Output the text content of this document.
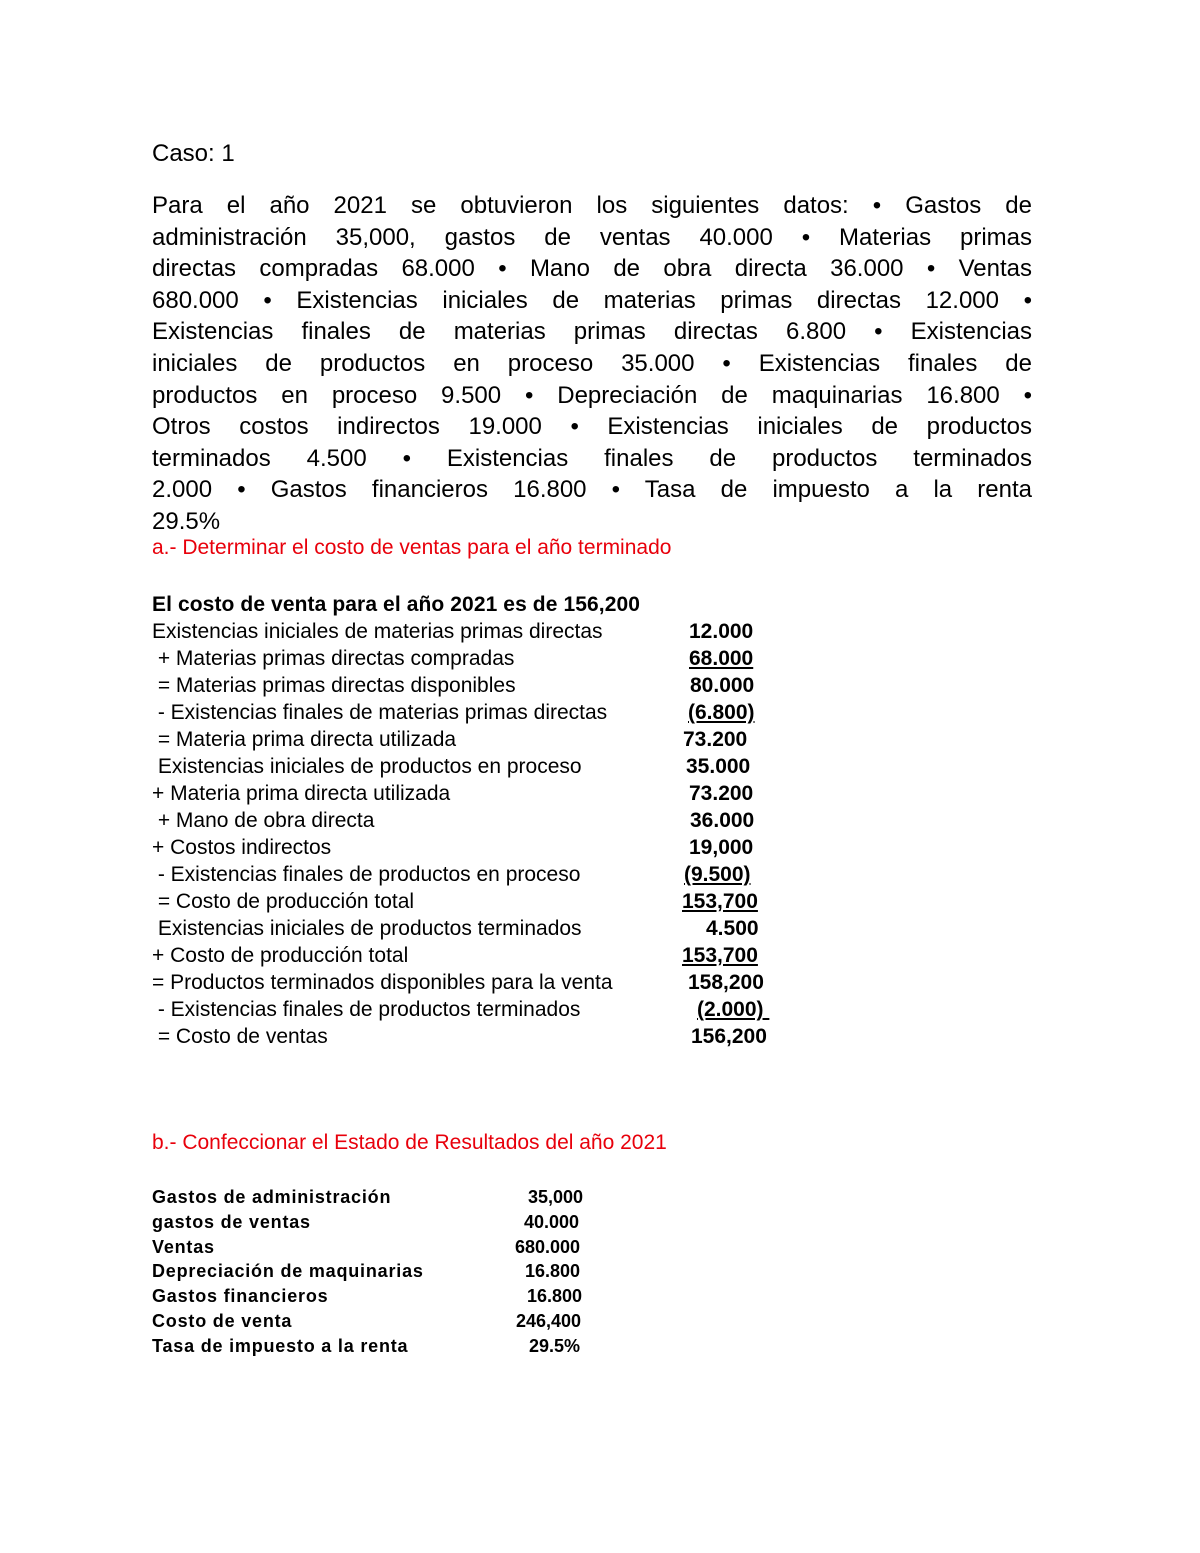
Caso: 1

Para el año 2021 se obtuvieron los siguientes datos: • Gastos de
administración 35,000, gastos de ventas 40.000 • Materias primas
directas compradas 68.000 • Mano de obra directa 36.000 • Ventas
680.000 • Existencias iniciales de materias primas directas 12.000 •
Existencias finales de materias primas directas 6.800 • Existencias
iniciales de productos en proceso 35.000 • Existencias finales de
productos en proceso 9.500 • Depreciación de maquinarias 16.800 •
Otros costos indirectos 19.000 • Existencias iniciales de productos
terminados 4.500 • Existencias finales de productos terminados
2.000 • Gastos financieros 16.800 • Tasa de impuesto a la renta
29.5%

a.- Determinar el costo de ventas para el año terminado
El costo de venta para el año 2021 es de 156,200
Existencias iniciales de materias primas directas	12.000
+ Materias primas directas compradas	68.000
= Materias primas directas disponibles	80.000
- Existencias finales de materias primas directas	(6.800)
= Materia prima directa utilizada	73.200
Existencias iniciales de productos en proceso	35.000
+ Materia prima directa utilizada	73.200
+ Mano de obra directa	36.000
+ Costos indirectos	19,000
- Existencias finales de productos en proceso	(9.500)
= Costo de producción total	153,700
Existencias iniciales de productos terminados	4.500
+ Costo de producción total	153,700
= Productos terminados disponibles para la venta	158,200
- Existencias finales de productos terminados	(2.000)
= Costo de ventas	156,200
b.- Confeccionar el Estado de Resultados del año 2021
Gastos de administración	35,000
gastos de ventas	40.000
Ventas	680.000
Depreciación de maquinarias	16.800
Gastos financieros	16.800
Costo de venta	246,400
Tasa de impuesto a la renta	29.5%
